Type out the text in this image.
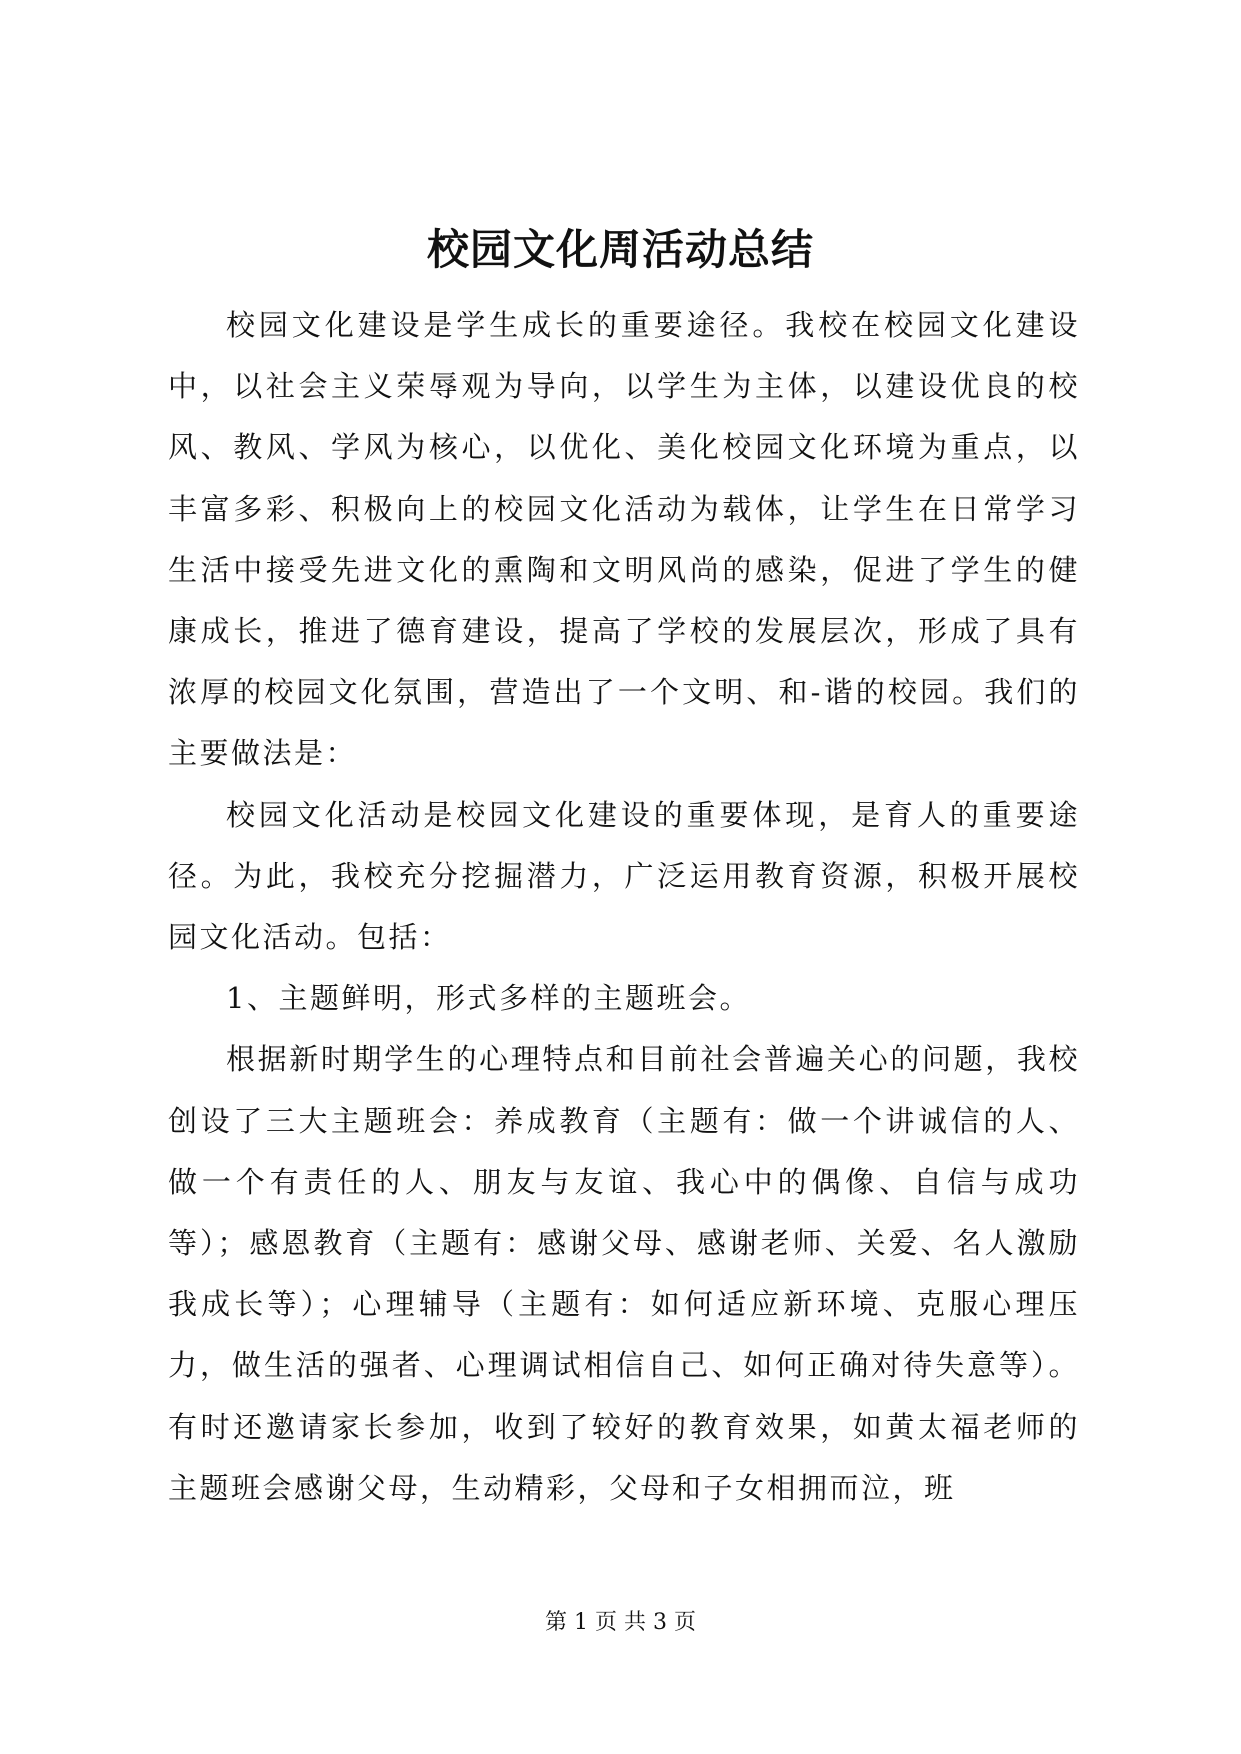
校园文化周活动总结

校园文化建设是学生成长的重要途径。我校在校园文化建设中，以社会主义荣辱观为导向，以学生为主体，以建设优良的校风、教风、学风为核心，以优化、美化校园文化环境为重点，以丰富多彩、积极向上的校园文化活动为载体，让学生在日常学习生活中接受先进文化的熏陶和文明风尚的感染，促进了学生的健康成长，推进了德育建设，提高了学校的发展层次，形成了具有浓厚的校园文化氛围，营造出了一个文明、和-谐的校园。我们的主要做法是：

校园文化活动是校园文化建设的重要体现，是育人的重要途径。为此，我校充分挖掘潜力，广泛运用教育资源，积极开展校园文化活动。包括：

1、主题鲜明，形式多样的主题班会。

根据新时期学生的心理特点和目前社会普遍关心的问题，我校创设了三大主题班会：养成教育（主题有：做一个讲诚信的人、做一个有责任的人、朋友与友谊、我心中的偶像、自信与成功等）；感恩教育（主题有：感谢父母、感谢老师、关爱、名人激励我成长等）；心理辅导（主题有：如何适应新环境、克服心理压力，做生活的强者、心理调试相信自己、如何正确对待失意等）。有时还邀请家长参加，收到了较好的教育效果，如黄太福老师的主题班会感谢父母，生动精彩，父母和子女相拥而泣，班

第 1 页 共 3 页
